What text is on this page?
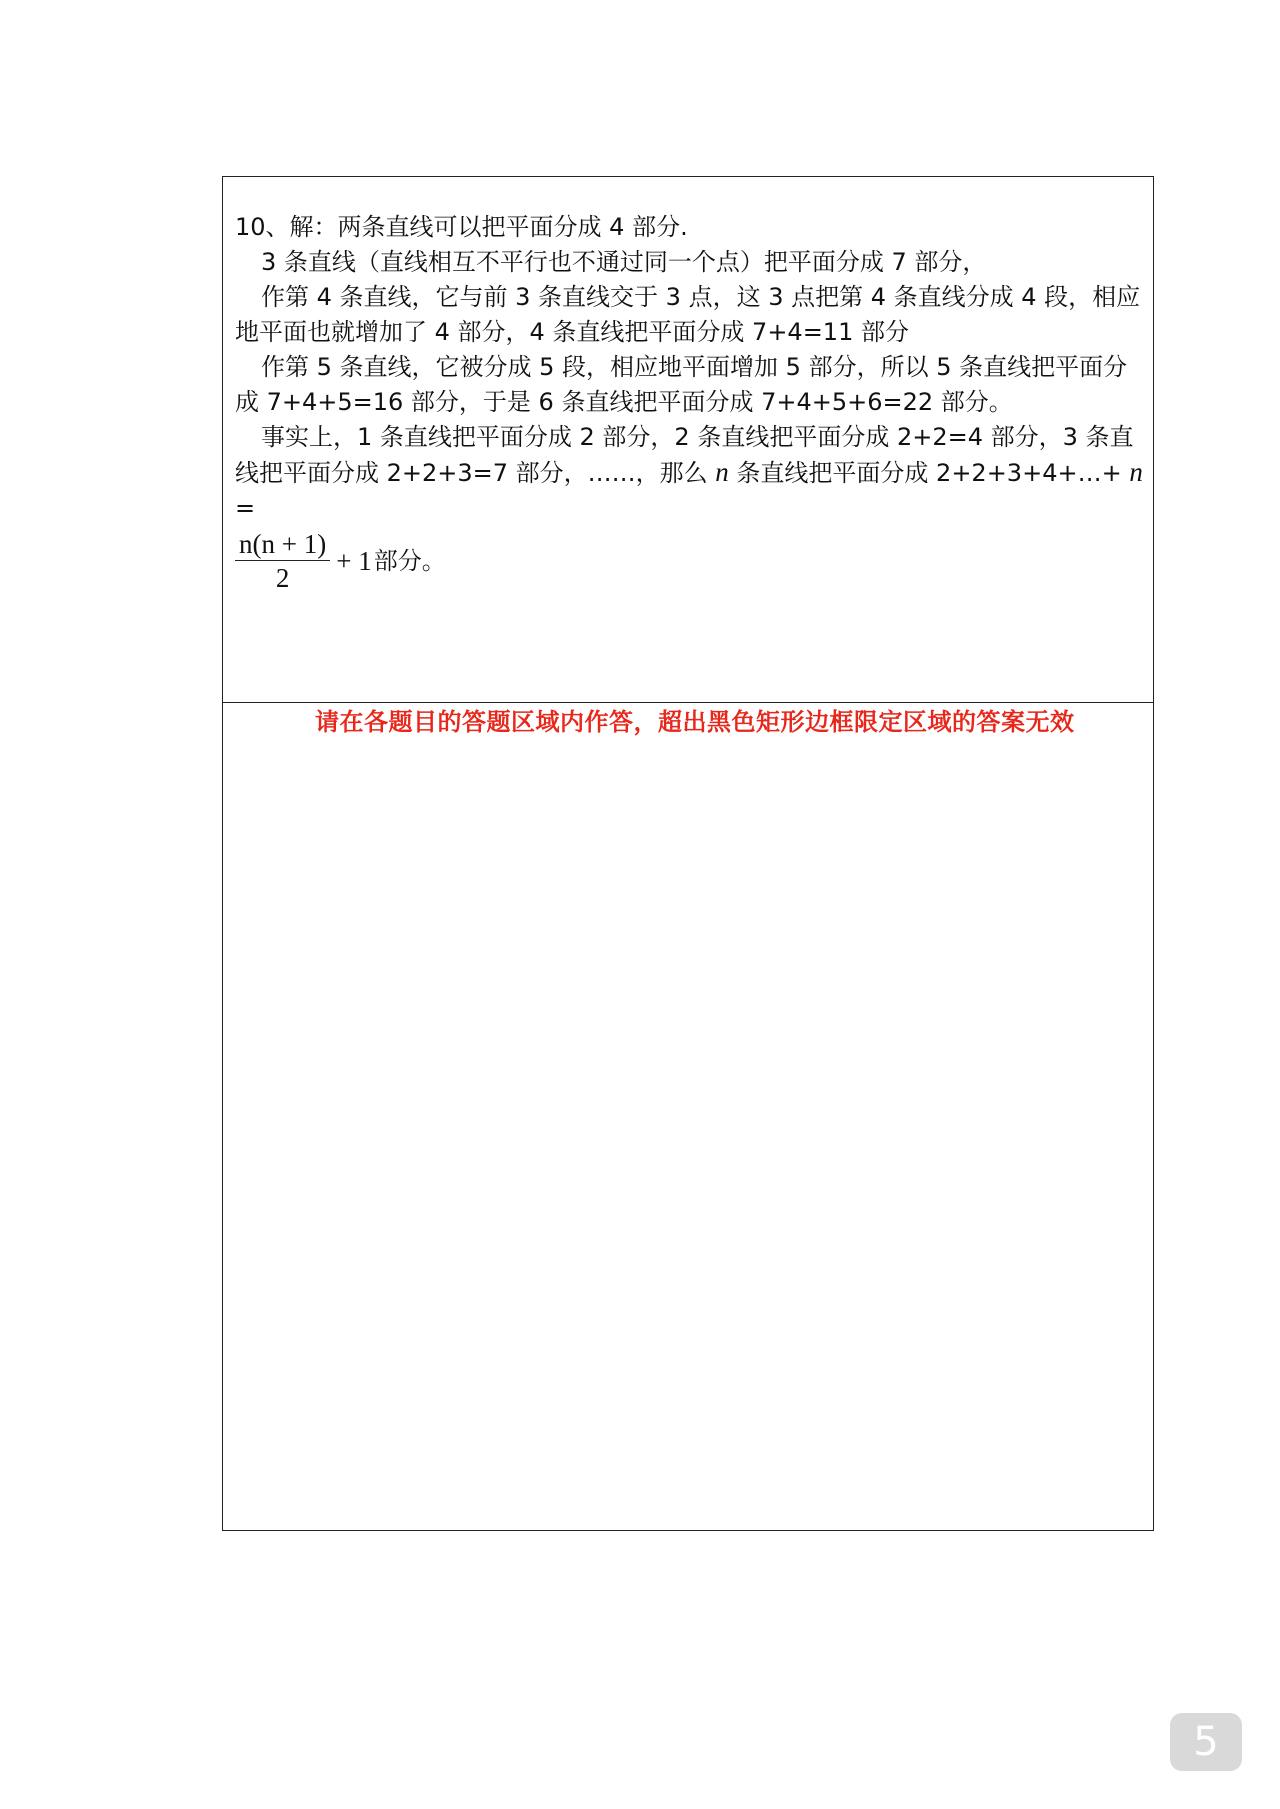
10、解：两条直线可以把平面分成 4 部分.

3 条直线（直线相互不平行也不通过同一个点）把平面分成 7 部分，

作第 4 条直线，它与前 3 条直线交于 3 点，这 3 点把第 4 条直线分成 4 段，相应地平面也就增加了 4 部分，4 条直线把平面分成 7+4=11 部分

作第 5 条直线，它被分成 5 段，相应地平面增加 5 部分，所以 5 条直线把平面分成 7+4+5=16 部分，于是 6 条直线把平面分成 7+4+5+6=22 部分。

事实上，1 条直线把平面分成 2 部分，2 条直线把平面分成 2+2=4 部分，3 条直线把平面分成 2+2+3=7 部分，……，那么 n 条直线把平面分成 2+2+3+4+…+ n =

$\frac{n(n + 1)}{2} + 1$ 部分。
请在各题目的答题区域内作答，超出黑色矩形边框限定区域的答案无效
5
